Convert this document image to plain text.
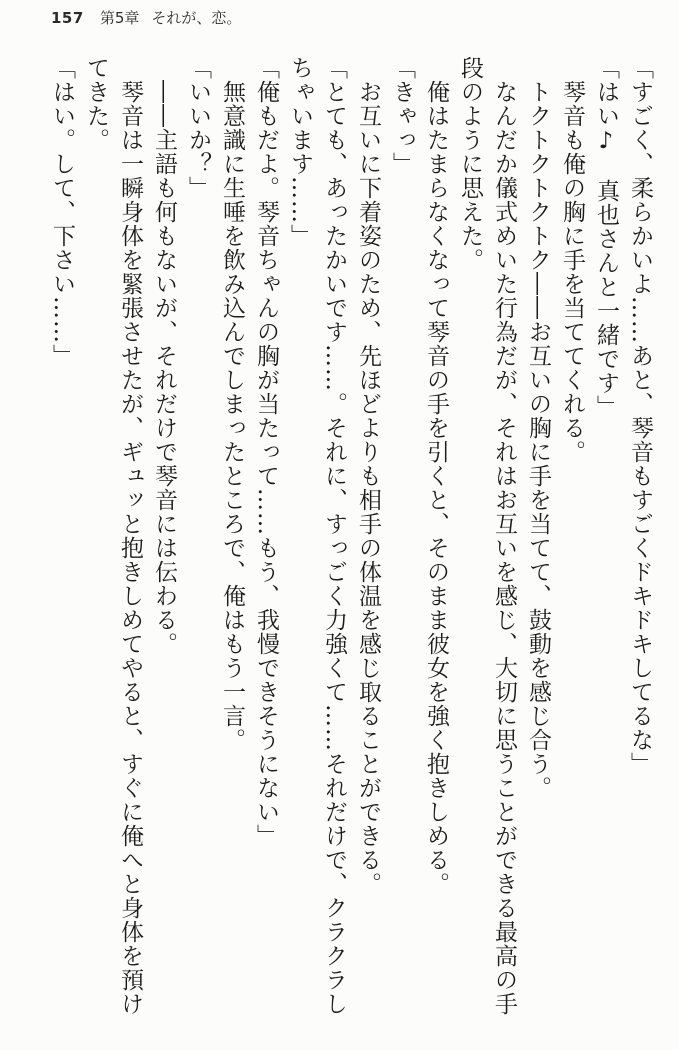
157 第5章 それが、恋。

「すごく、柔らかいよ……あと、琴音もすごくドキドキしてるな」

「はい♪　真也さんと一緒です」

　琴音も俺の胸に手を当ててくれる。

　トクトクトクトク――お互いの胸に手を当てて、鼓動を感じ合う。

　なんだか儀式めいた行為だが、それはお互いを感じ、大切に思うことができる最高の手

段のように思えた。

　俺はたまらなくなって琴音の手を引くと、そのまま彼女を強く抱きしめる。

「きゃっ」

　お互いに下着姿のため、先ほどよりも相手の体温を感じ取ることができる。

「とても、あったかいです……。それに、すっごく力強くて……それだけで、クラクラし

ちゃいます……」

「俺もだよ。琴音ちゃんの胸が当たって……もう、我慢できそうにない」

　無意識に生唾を飲み込んでしまったところで、俺はもう一言。

「いいか？」

　――主語も何もないが、それだけで琴音には伝わる。

　琴音は一瞬身体を緊張させたが、ギュッと抱きしめてやると、すぐに俺へと身体を預け

てきた。

「はい。して、下さい……」
